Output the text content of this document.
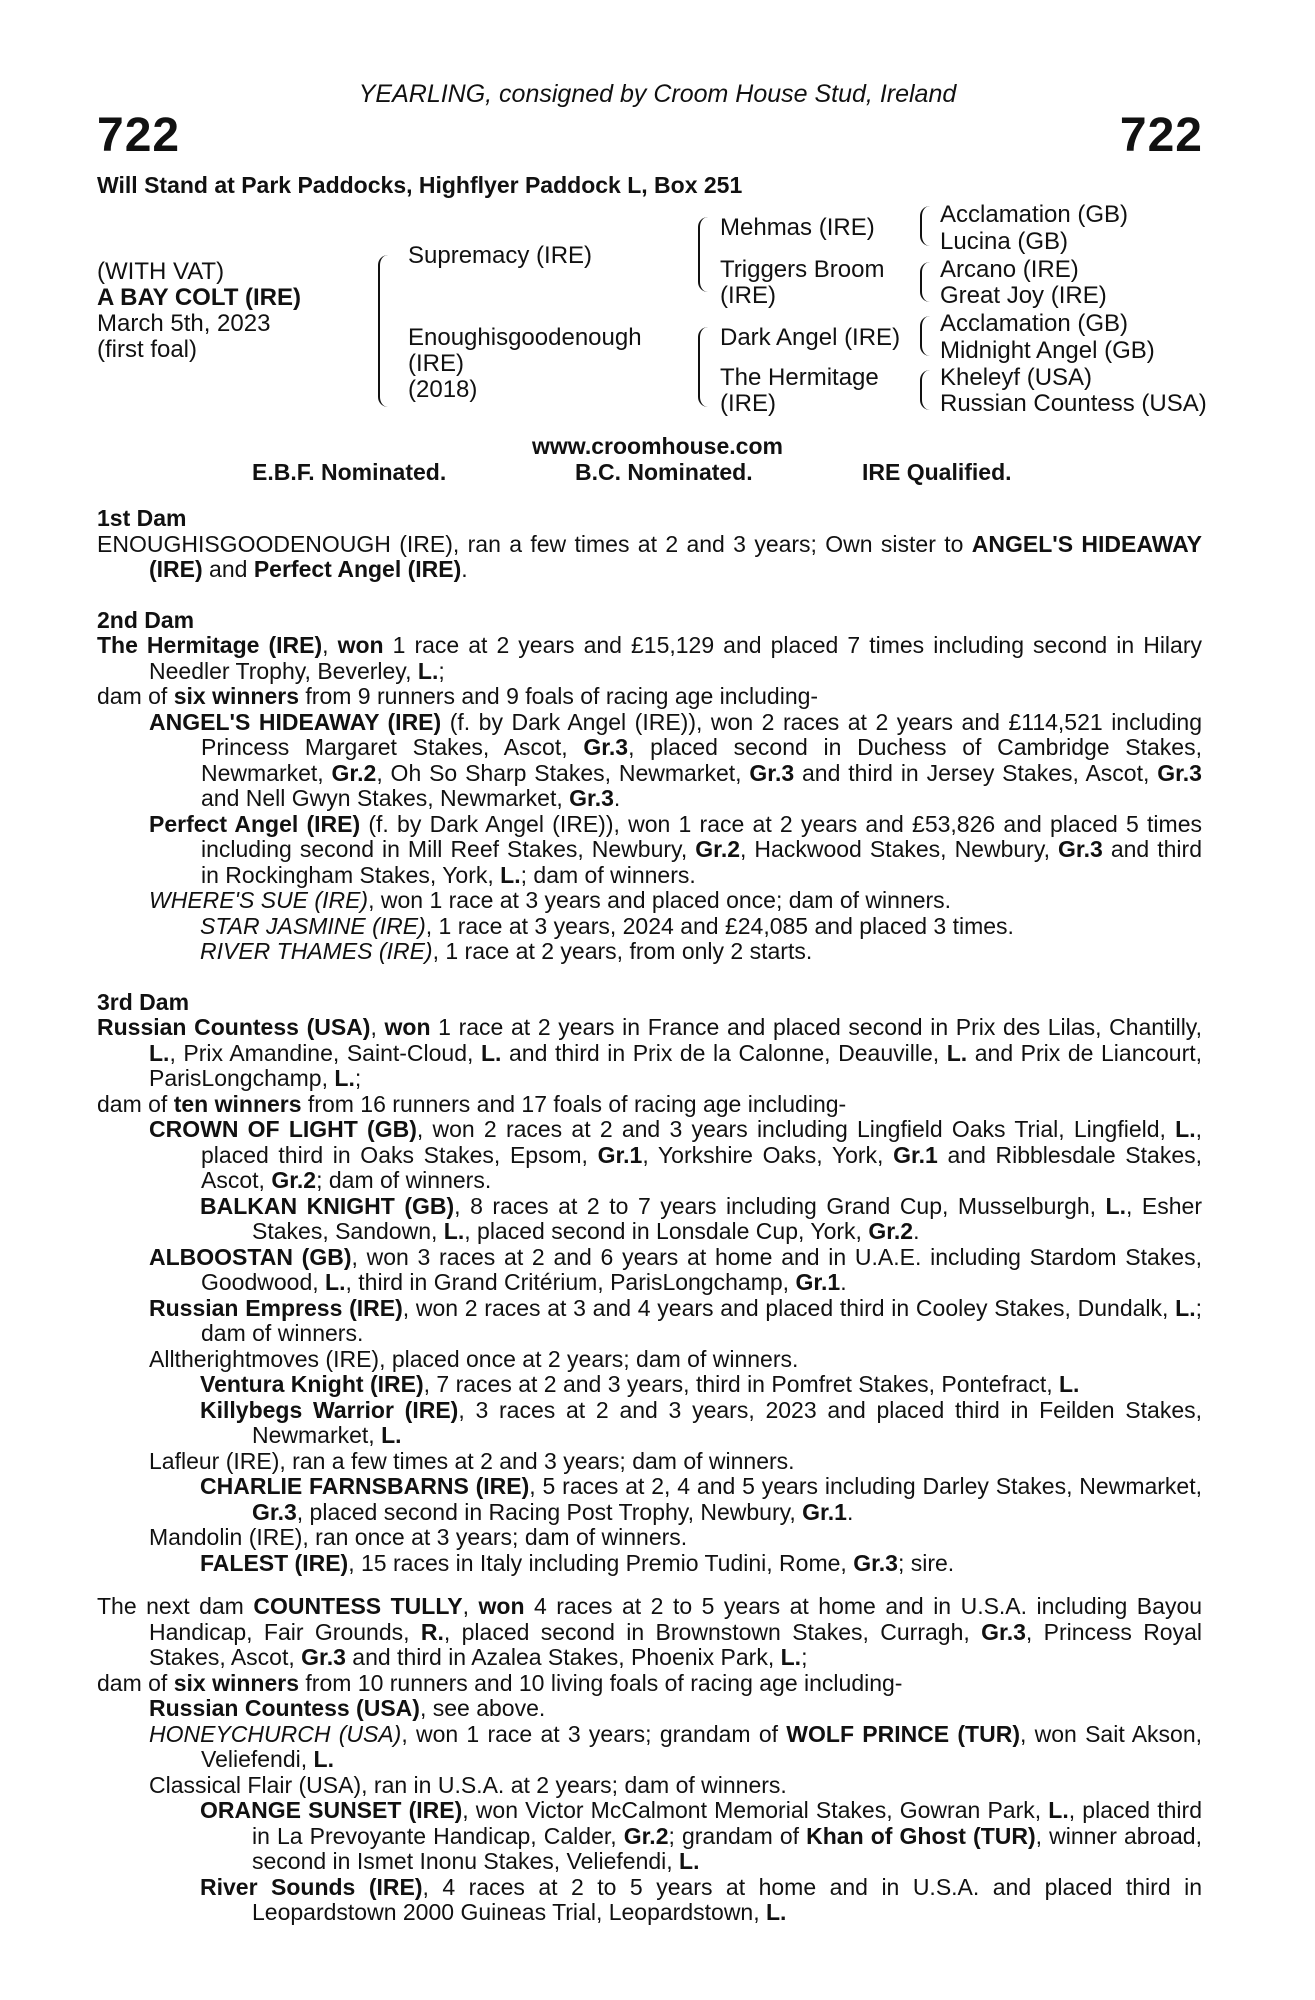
YEARLING, consigned by Croom House Stud, Ireland
722	722
Will Stand at Park Paddocks, Highflyer Paddock L, Box 251
(WITH VAT)
A BAY COLT (IRE)
March 5th, 2023
(first foal)
Supremacy (IRE)
Enoughisgoodenough
(IRE)
(2018)
Mehmas (IRE)
Triggers Broom
(IRE)
Dark Angel (IRE)
The Hermitage
(IRE)
Acclamation (GB)
Lucina (GB)
Arcano (IRE)
Great Joy (IRE)
Acclamation (GB)
Midnight Angel (GB)
Kheleyf (USA)
Russian Countess (USA)
www.croomhouse.com
E.B.F. Nominated.	B.C. Nominated.	IRE Qualified.

1st Dam

ENOUGHISGOODENOUGH (IRE), ran a few times at 2 and 3 years; Own sister to ANGEL'S HIDEAWAY (IRE) and Perfect Angel (IRE).

2nd Dam

The Hermitage (IRE), won 1 race at 2 years and £15,129 and placed 7 times including second in Hilary Needler Trophy, Beverley, L.;

dam of six winners from 9 runners and 9 foals of racing age including-

ANGEL'S HIDEAWAY (IRE) (f. by Dark Angel (IRE)), won 2 races at 2 years and £114,521 including Princess Margaret Stakes, Ascot, Gr.3, placed second in Duchess of Cambridge Stakes, Newmarket, Gr.2, Oh So Sharp Stakes, Newmarket, Gr.3 and third in Jersey Stakes, Ascot, Gr.3 and Nell Gwyn Stakes, Newmarket, Gr.3.

Perfect Angel (IRE) (f. by Dark Angel (IRE)), won 1 race at 2 years and £53,826 and placed 5 times including second in Mill Reef Stakes, Newbury, Gr.2, Hackwood Stakes, Newbury, Gr.3 and third in Rockingham Stakes, York, L.; dam of winners.

WHERE'S SUE (IRE), won 1 race at 3 years and placed once; dam of winners.

STAR JASMINE (IRE), 1 race at 3 years, 2024 and £24,085 and placed 3 times.

RIVER THAMES (IRE), 1 race at 2 years, from only 2 starts.

3rd Dam

Russian Countess (USA), won 1 race at 2 years in France and placed second in Prix des Lilas, Chantilly, L., Prix Amandine, Saint-Cloud, L. and third in Prix de la Calonne, Deauville, L. and Prix de Liancourt, ParisLongchamp, L.;

dam of ten winners from 16 runners and 17 foals of racing age including-

CROWN OF LIGHT (GB), won 2 races at 2 and 3 years including Lingfield Oaks Trial, Lingfield, L., placed third in Oaks Stakes, Epsom, Gr.1, Yorkshire Oaks, York, Gr.1 and Ribblesdale Stakes, Ascot, Gr.2; dam of winners.

BALKAN KNIGHT (GB), 8 races at 2 to 7 years including Grand Cup, Musselburgh, L., Esher Stakes, Sandown, L., placed second in Lonsdale Cup, York, Gr.2.

ALBOOSTAN (GB), won 3 races at 2 and 6 years at home and in U.A.E. including Stardom Stakes, Goodwood, L., third in Grand Critérium, ParisLongchamp, Gr.1.

Russian Empress (IRE), won 2 races at 3 and 4 years and placed third in Cooley Stakes, Dundalk, L.; dam of winners.

Alltherightmoves (IRE), placed once at 2 years; dam of winners.

Ventura Knight (IRE), 7 races at 2 and 3 years, third in Pomfret Stakes, Pontefract, L.

Killybegs Warrior (IRE), 3 races at 2 and 3 years, 2023 and placed third in Feilden Stakes, Newmarket, L.

Lafleur (IRE), ran a few times at 2 and 3 years; dam of winners.

CHARLIE FARNSBARNS (IRE), 5 races at 2, 4 and 5 years including Darley Stakes, Newmarket, Gr.3, placed second in Racing Post Trophy, Newbury, Gr.1.

Mandolin (IRE), ran once at 3 years; dam of winners.

FALEST (IRE), 15 races in Italy including Premio Tudini, Rome, Gr.3; sire.

The next dam COUNTESS TULLY, won 4 races at 2 to 5 years at home and in U.S.A. including Bayou Handicap, Fair Grounds, R., placed second in Brownstown Stakes, Curragh, Gr.3, Princess Royal Stakes, Ascot, Gr.3 and third in Azalea Stakes, Phoenix Park, L.;

dam of six winners from 10 runners and 10 living foals of racing age including-

Russian Countess (USA), see above.

HONEYCHURCH (USA), won 1 race at 3 years; grandam of WOLF PRINCE (TUR), won Sait Akson, Veliefendi, L.

Classical Flair (USA), ran in U.S.A. at 2 years; dam of winners.

ORANGE SUNSET (IRE), won Victor McCalmont Memorial Stakes, Gowran Park, L., placed third in La Prevoyante Handicap, Calder, Gr.2; grandam of Khan of Ghost (TUR), winner abroad, second in Ismet Inonu Stakes, Veliefendi, L.

River Sounds (IRE), 4 races at 2 to 5 years at home and in U.S.A. and placed third in Leopardstown 2000 Guineas Trial, Leopardstown, L.
